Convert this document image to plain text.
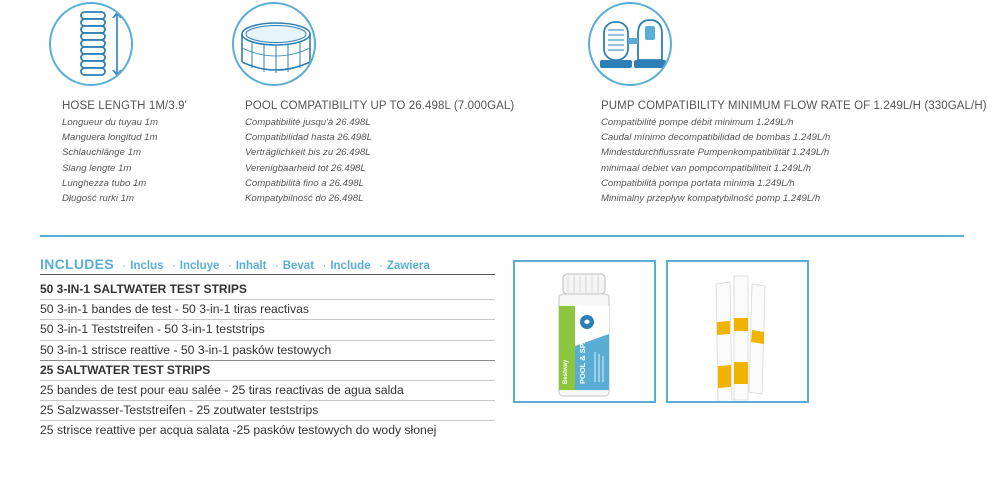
HOSE LENGTH 1M/3.9'
Longueur du tuyau 1m
Manguera longitud 1m
Schlauchlänge 1m
Slang lengte 1m
Lunghezza tubo 1m
Długość rurki 1m
POOL COMPATIBILITY UP TO 26.498L (7.000GAL)
Compatibilité jusqu'à 26.498L
Compatibilidad hasta 26.498L
Verträglichkeit bis zu 26.498L
Verenigbaarheid tot 26.498L
Compatibilità fino a 26.498L
Kompatybilność do 26.498L
PUMP COMPATIBILITY MINIMUM FLOW RATE OF 1.249L/H (330GAL/H)
Compatibilité pompe débit minimum 1.249L/h
Caudal mínimo decompatibilidad de bombas 1.249L/h
Mindestdurchflussrate Pumpenkompatibilität 1.249L/h
minimaal debiet van pompcompatibiliteit 1.249L/h
Compatibilità pompa portata minima 1.249L/h
Minimalny przepływ kompatybilność pomp 1.249L/h
INCLUDES · Inclus · Incluye · Inhalt · Bevat · Include · Zawiera
50 3-IN-1 SALTWATER TEST STRIPS
50 3-in-1 bandes de test - 50 3-in-1 tiras reactivas
50 3-in-1 Teststreifen - 50 3-in-1 teststrips
50 3-in-1 strisce reattive - 50 3-in-1 pasków testowych
25 SALTWATER TEST STRIPS
25 bandes de test pour eau salée - 25 tiras reactivas de agua salda
25 Salzwasser-Teststreifen - 25 zoutwater teststrips
25 strisce reattive per acqua salata -25 pasków testowych do wody słonej
Bestway POOL & SPA
